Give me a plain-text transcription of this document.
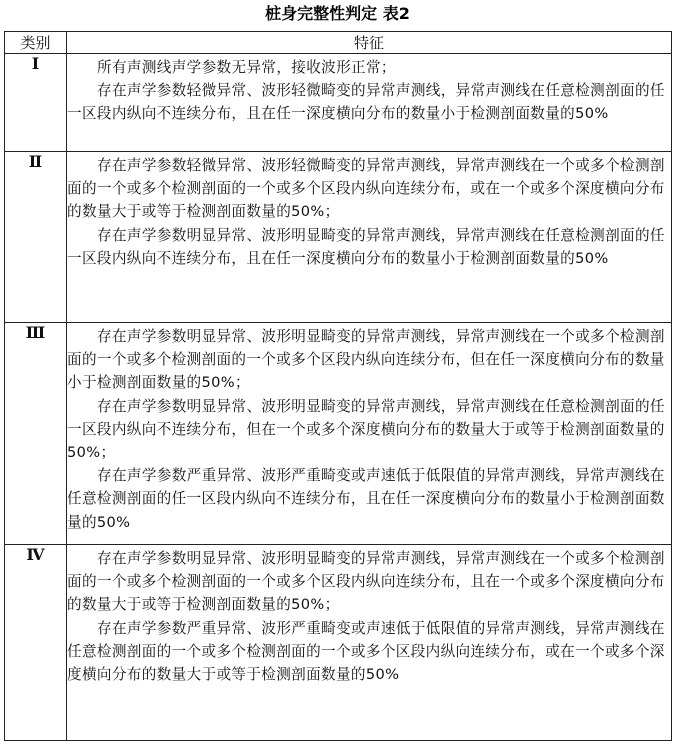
桩身完整性判定 表2
类别	特征
Ⅰ	所有声测线声学参数无异常，接收波形正常；

存在声学参数轻微异常、波形轻微畸变的异常声测线，异常声测线在任意检测剖面的任一区段内纵向不连续分布，且在任一深度横向分布的数量小于检测剖面数量的50%

Ⅱ	存在声学参数轻微异常、波形轻微畸变的异常声测线，异常声测线在一个或多个检测剖面的一个或多个检测剖面的一个或多个区段内纵向连续分布，或在一个或多个深度横向分布的数量大于或等于检测剖面数量的50%；

存在声学参数明显异常、波形明显畸变的异常声测线，异常声测线在任意检测剖面的任一区段内纵向不连续分布，且在任一深度横向分布的数量小于检测剖面数量的50%

Ⅲ	存在声学参数明显异常、波形明显畸变的异常声测线，异常声测线在一个或多个检测剖面的一个或多个检测剖面的一个或多个区段内纵向连续分布，但在任一深度横向分布的数量小于检测剖面数量的50%；

存在声学参数明显异常、波形明显畸变的异常声测线，异常声测线在任意检测剖面的任一区段内纵向不连续分布，但在一个或多个深度横向分布的数量大于或等于检测剖面数量的50%；

存在声学参数严重异常、波形严重畸变或声速低于低限值的异常声测线，异常声测线在任意检测剖面的任一区段内纵向不连续分布，且在任一深度横向分布的数量小于检测剖面数量的50%

Ⅳ	存在声学参数明显异常、波形明显畸变的异常声测线，异常声测线在一个或多个检测剖面的一个或多个检测剖面的一个或多个区段内纵向连续分布，且在一个或多个深度横向分布的数量大于或等于检测剖面数量的50%；

存在声学参数严重异常、波形严重畸变或声速低于低限值的异常声测线，异常声测线在任意检测剖面的一个或多个检测剖面的一个或多个区段内纵向连续分布，或在一个或多个深度横向分布的数量大于或等于检测剖面数量的50%
